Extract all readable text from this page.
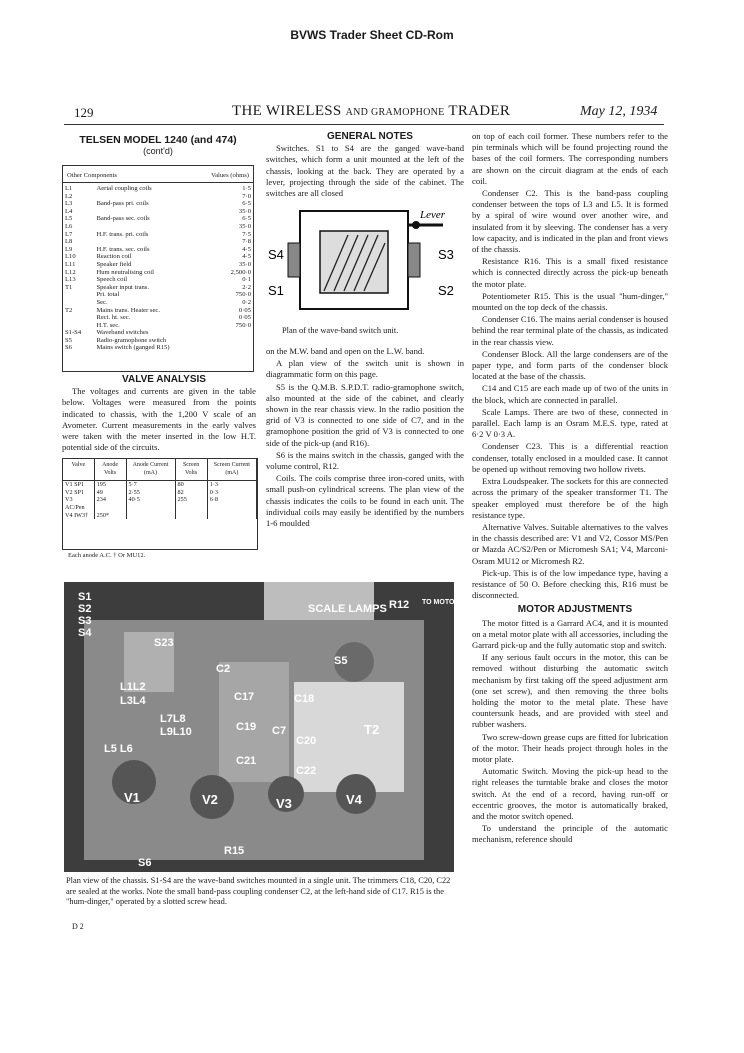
BVWS Trader Sheet CD-Rom
129	THE WIRELESS AND GRAMOPHONE TRADER	May 12, 1934

TELSEN MODEL 1240 (and 474)

(cont'd)

Other Components	Values (ohms)
L1	Aerial coupling coils	1·5
L2		7·0
L3	Band-pass pri. coils	6·5
L4		35·0
L5	Band-pass sec. coils	6·5
L6		35·0
L7	H.F. trans. pri. coils	7·5
L8		7·8
L9	H.F. trans. sec. coils	4·5
L10	Reaction coil	4·5
L11	Speaker field	35·0
L12	Hum neutralising coil	2,500·0
L13	Speech coil	0·1
T1	Speaker input trans.	2·2
	Pri. total	750·0
	Sec.	0·2
T2	Mains trans. Heater sec.	0·05
	Rect. ht. sec.	0·05
	H.T. sec.	750·0
S1-S4	Waveband switches	
S5	Radio-gramophone switch	
S6	Mains switch (ganged R15)	

VALVE ANALYSIS

The voltages and currents are given in the table below. Voltages were measured from the points indicated to chassis, with the 1,200 V scale of an Avometer. Current measurements in the early valves were taken with the meter inserted in the low H.T. potential side of the circuits.

Valve	Anode Volts	Anode Current (mA)	Screen Volts	Screen Current (mA)
V1 SP1	195	5·7	80	1·3
V2 SP1	49	2·55	82	0·3
V3 AC/Pen	234	40·5	255	6·8
V4 IW3†	250*			
Each anode A.C. † Or MU12.

GENERAL NOTES

Switches. S1 to S4 are the ganged wave-band switches, which form a unit mounted at the left of the chassis, looking at the back. They are operated by a lever, projecting through the side of the cabinet. The switches are all closed

Lever
S4
S1
S3
S2
Plan of the wave-band switch unit.

on the M.W. band and open on the L.W. band.

A plan view of the switch unit is shown in diagrammatic form on this page.

S5 is the Q.M.B. S.P.D.T. radio-gramophone switch, also mounted at the side of the cabinet, and clearly shown in the rear chassis view. In the radio position the grid of V3 is connected to one side of C7, and in the gramophone position the grid of V3 is connected to one side of the pick-up (and R16).

S6 is the mains switch in the chassis, ganged with the volume control, R12.

Coils. The coils comprise three iron-cored units, with small push-on cylindrical screens. The plan view of the chassis indicates the coils to be found in each unit. The individual coils may easily be identified by the numbers 1-6 moulded

on top of each coil former. These numbers refer to the pin terminals which will be found projecting round the bases of the coil formers. The corresponding numbers are shown on the circuit diagram at the ends of each coil.

Condenser C2. This is the band-pass coupling condenser between the tops of L3 and L5. It is formed by a spiral of wire wound over another wire, and insulated from it by sleeving. The condenser has a very low capacity, and is indicated in the plan and front views of the chassis.

Resistance R16. This is a small fixed resistance which is connected directly across the pick-up beneath the motor plate.

Potentiometer R15. This is the usual "hum-dinger," mounted on the top deck of the chassis.

Condenser C16. The mains aerial condenser is housed behind the rear terminal plate of the chassis, as indicated in the rear chassis view.

Condenser Block. All the large condensers are of the paper type, and form parts of the condenser block located at the base of the chassis.

C14 and C15 are each made up of two of the units in the block, which are connected in parallel.

Scale Lamps. There are two of these, connected in parallel. Each lamp is an Osram M.E.S. type, rated at 6·2 V 0·3 A.

Condenser C23. This is a differential reaction condenser, totally enclosed in a moulded case. It cannot be opened up without removing two hollow rivets.

Extra Loudspeaker. The sockets for this are connected across the primary of the speaker transformer T1. The speaker employed must therefore be of the high resistance type.

Alternative Valves. Suitable alternatives to the valves in the chassis described are: V1 and V2, Cossor MS/Pen or Mazda AC/S2/Pen or Micromesh SA1; V4, Marconi-Osram MU12 or Micromesh R2.

Pick-up. This is of the low impedance type, having a resistance of 50 O. Before checking this, R16 must be disconnected.

MOTOR ADJUSTMENTS

The motor fitted is a Garrard AC4, and it is mounted on a metal motor plate with all accessories, including the Garrard pick-up and the fully automatic stop and switch.

If any serious fault occurs in the motor, this can be removed without disturbing the automatic switch mechanism by first taking off the speed adjustment arm (one set screw), and then removing the three bolts holding the motor to the metal plate. These have countersunk heads, and are provided with steel and rubber washers.

Two screw-down grease cups are fitted for lubrication of the motor. Their heads project through holes in the motor plate.

Automatic Switch. Moving the pick-up head to the right releases the turntable brake and closes the motor switch. At the end of a record, having run-off or eccentric grooves, the motor is automatically braked, and the motor switch opened.

To understand the principle of the automatic mechanism, reference should

S1
S2
S3
S4
S23
SCALE LAMPS R12 TO MOTOR
S5
C2
L1L2
L3L4	C17	C18
L7L8
L9L10
L5 L6
C19 C7
C20
T2
C21
C22
V1	V2	V3	V4
R15
S6
Plan view of the chassis. S1-S4 are the wave-band switches mounted in a single unit. The trimmers C18, C20, C22 are sealed at the works. Note the small band-pass coupling condenser C2, at the left-hand side of C17. R15 is the "hum-dinger," operated by a slotted screw head.
D 2
